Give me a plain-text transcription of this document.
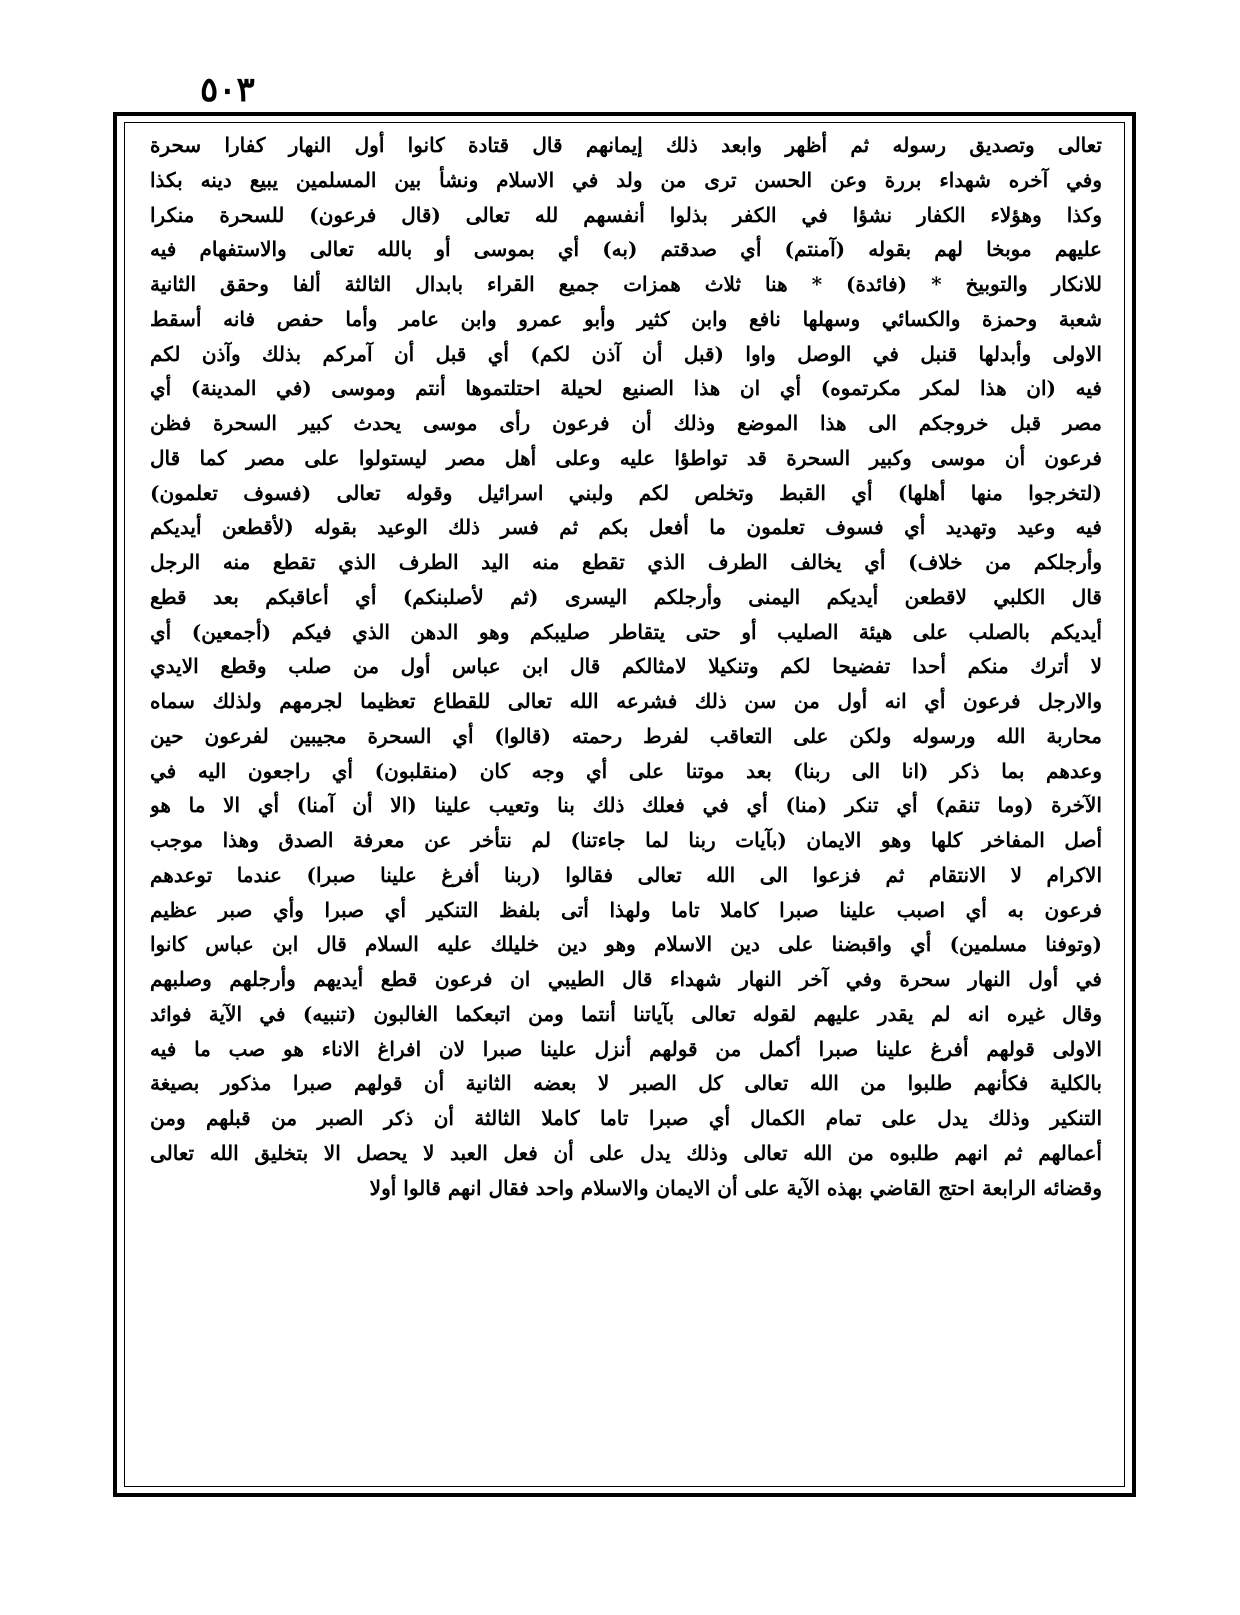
٥٠٣
تعالى وتصديق رسوله ثم أظهر وابعد ذلك إيمانهم قال قتادة كانوا أول النهار كفارا سحرة
وفي آخره شهداء بررة وعن الحسن ترى من ولد في الاسلام ونشأ بين المسلمين يبيع دينه بكذا
وكذا وهؤلاء الكفار نشؤا في الكفر بذلوا أنفسهم لله تعالى (قال فرعون) للسحرة منكرا
عليهم موبخا لهم بقوله (آمنتم) أي صدقتم (به) أي بموسى أو بالله تعالى والاستفهام فيه
للانكار والتوبيخ * (فائدة) * هنا ثلاث همزات جميع القراء بابدال الثالثة ألفا وحقق الثانية
شعبة وحمزة والكسائي وسهلها نافع وابن كثير وأبو عمرو وابن عامر وأما حفص فانه أسقط
الاولى وأبدلها قنبل في الوصل واوا (قبل أن آذن لكم) أي قبل أن آمركم بذلك وآذن لكم
فيه (ان هذا لمكر مكرتموه) أي ان هذا الصنيع لحيلة احتلتموها أنتم وموسى (في المدينة) أي
مصر قبل خروجكم الى هذا الموضع وذلك أن فرعون رأى موسى يحدث كبير السحرة فظن
فرعون أن موسى وكبير السحرة قد تواطؤا عليه وعلى أهل مصر ليستولوا على مصر كما قال
(لتخرجوا منها أهلها) أي القبط وتخلص لكم ولبني اسرائيل وقوله تعالى (فسوف تعلمون)
فيه وعيد وتهديد أي فسوف تعلمون ما أفعل بكم ثم فسر ذلك الوعيد بقوله (لأقطعن أيديكم
وأرجلكم من خلاف) أي يخالف الطرف الذي تقطع منه اليد الطرف الذي تقطع منه الرجل
قال الكلبي لاقطعن أيديكم اليمنى وأرجلكم اليسرى (ثم لأصلبنكم) أي أعاقبكم بعد قطع
أيديكم بالصلب على هيئة الصليب أو حتى يتقاطر صليبكم وهو الدهن الذي فيكم (أجمعين) أي
لا أترك منكم أحدا تفضيحا لكم وتنكيلا لامثالكم قال ابن عباس أول من صلب وقطع الايدي
والارجل فرعون أي انه أول من سن ذلك فشرعه الله تعالى للقطاع تعظيما لجرمهم ولذلك سماه
محاربة الله ورسوله ولكن على التعاقب لفرط رحمته (قالوا) أي السحرة مجيبين لفرعون حين
وعدهم بما ذكر (انا الى ربنا) بعد موتنا على أي وجه كان (منقلبون) أي راجعون اليه في
الآخرة (وما تنقم) أي تنكر (منا) أي في فعلك ذلك بنا وتعيب علينا (الا أن آمنا) أي الا ما هو
أصل المفاخر كلها وهو الايمان (بآيات ربنا لما جاءتنا) لم نتأخر عن معرفة الصدق وهذا موجب
الاكرام لا الانتقام ثم فزعوا الى الله تعالى فقالوا (ربنا أفرغ علينا صبرا) عندما توعدهم
فرعون به أي اصبب علينا صبرا كاملا تاما ولهذا أتى بلفظ التنكير أي صبرا وأي صبر عظيم
(وتوفنا مسلمين) أي واقبضنا على دين الاسلام وهو دين خليلك عليه السلام قال ابن عباس كانوا
في أول النهار سحرة وفي آخر النهار شهداء قال الطيبي ان فرعون قطع أيديهم وأرجلهم وصلبهم
وقال غيره انه لم يقدر عليهم لقوله تعالى بآياتنا أنتما ومن اتبعكما الغالبون (تنبيه) في الآية فوائد
الاولى قولهم أفرغ علينا صبرا أكمل من قولهم أنزل علينا صبرا لان افراغ الاناء هو صب ما فيه
بالكلية فكأنهم طلبوا من الله تعالى كل الصبر لا بعضه الثانية أن قولهم صبرا مذكور بصيغة
التنكير وذلك يدل على تمام الكمال أي صبرا تاما كاملا الثالثة أن ذكر الصبر من قبلهم ومن
أعمالهم ثم انهم طلبوه من الله تعالى وذلك يدل على أن فعل العبد لا يحصل الا بتخليق الله تعالى
وقضائه الرابعة احتج القاضي بهذه الآية على أن الايمان والاسلام واحد فقال انهم قالوا أولا
